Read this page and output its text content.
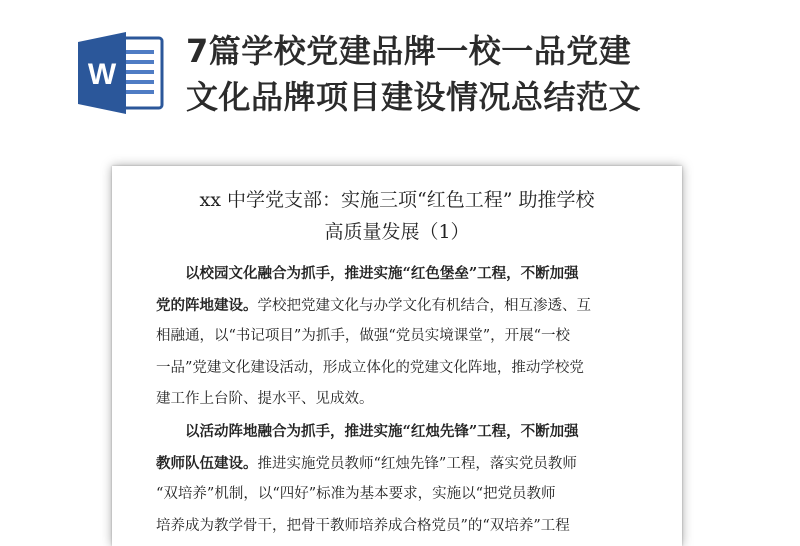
W
7篇学校党建品牌一校一品党建
文化品牌项目建设情况总结范文
xx 中学党支部：实施三项“红色工程” 助推学校
高质量发展（1）
　　以校园文化融合为抓手，推进实施“红色堡垒”工程，不断加强
党的阵地建设。学校把党建文化与办学文化有机结合，相互渗透、互
相融通，以“书记项目”为抓手，做强“党员实境课堂”，开展“一校
一品”党建文化建设活动，形成立体化的党建文化阵地，推动学校党
建工作上台阶、提水平、见成效。
　　以活动阵地融合为抓手，推进实施“红烛先锋”工程，不断加强
教师队伍建设。推进实施党员教师“红烛先锋”工程，落实党员教师
“双培养”机制，以“四好”标准为基本要求，实施以“把党员教师
培养成为教学骨干，把骨干教师培养成合格党员”的“双培养”工程
